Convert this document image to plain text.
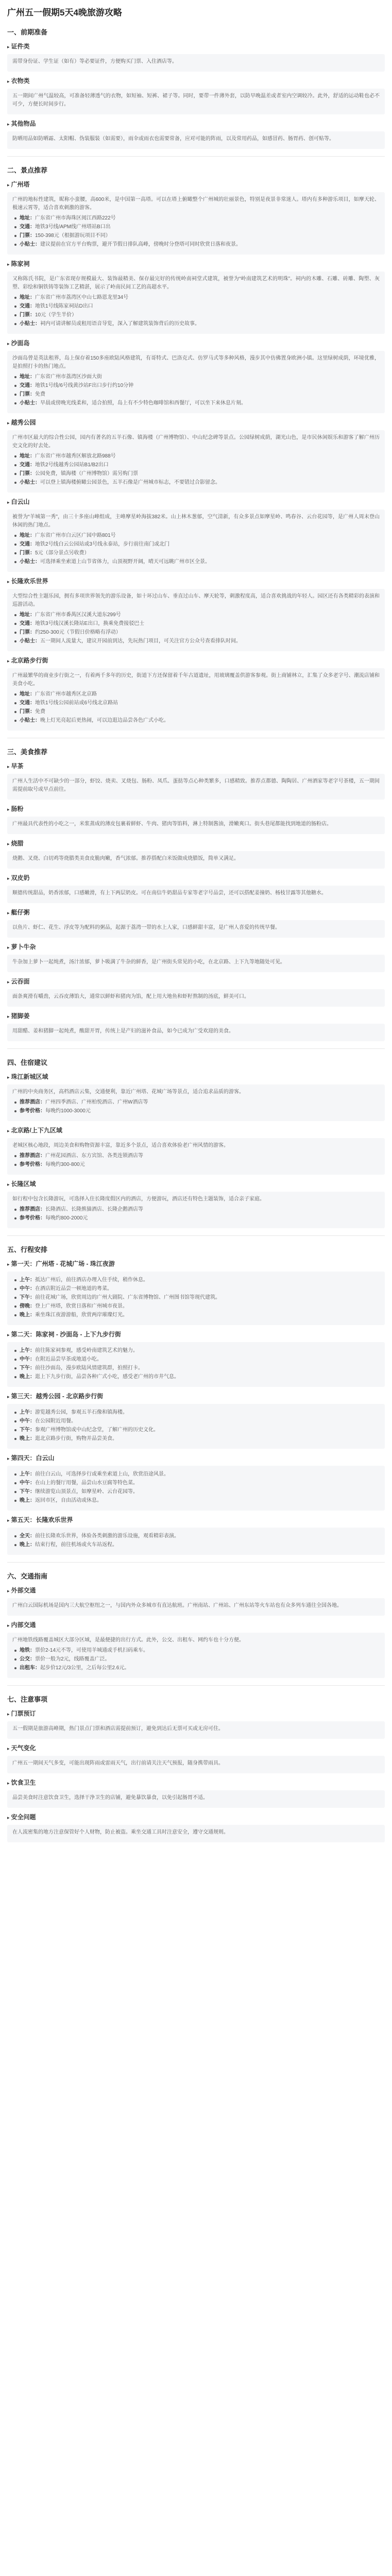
广州五一假期5天4晚旅游攻略
一、前期准备
▸ 证件类
需带身份证、学生证（如有）等必要证件，方便购买门票、入住酒店等。
▸ 衣物类
五一期间广州气温较高，可准备轻薄透气的衣物，如短袖、短裤、裙子等。同时，要带一件薄外套，以防早晚温差或者室内空调较冷。此外，舒适的运动鞋也必不可少，方便长时间步行。
▸ 其他物品
防晒用品如防晒霜、太阳帽、伪装服装（如需要），雨伞或雨衣也需要常备，应对可能的阵雨，以及常用药品，如感冒药、肠胃药、创可贴等。
二、景点推荐
▸ 广州塔
广州的地标性建筑，昵称小蛮腰，高600米，是中国第一高塔。可以在塔上俯瞰整个广州城的壮丽景色，特别是夜景非常迷人。塔内有多种游乐项目，如摩天轮、极速云霄等，适合喜欢刺激的游客。
地址：广东省广州市海珠区阅江西路222号
交通：地铁3号线/APM线广州塔站B口出
门票：150-398元（根据游玩项目不同）
小贴士：建议提前在官方平台购票，避开节假日排队高峰，傍晚时分登塔可同时欣赏日落和夜景。
▸ 陈家祠
又称陈氏书院，是广东省现存规模最大、装饰最精美、保存最完好的传统岭南祠堂式建筑，被誉为“岭南建筑艺术的明珠”。祠内的木雕、石雕、砖雕、陶塑、灰塑、彩绘和铜铁铸等装饰工艺精湛，展示了岭南民间工艺的高超水平。
地址：广东省广州市荔湾区中山七路恩龙里34号
交通：地铁1号线陈家祠站D出口
门票：10元（学生半价）
小贴士：祠内可请讲解员或租用语音导览，深入了解建筑装饰背后的历史故事。
▸ 沙面岛
沙面岛曾是英法租界，岛上保存着150多座欧陆风格建筑，有哥特式、巴洛克式、仿罗马式等多种风格，漫步其中仿佛置身欧洲小镇。这里绿树成荫，环境优雅，是拍照打卡的热门地点。
地址：广东省广州市荔湾区沙面大街
交通：地铁1号线/6号线黄沙站F出口步行约10分钟
门票：免费
小贴士：早晨或傍晚光线柔和，适合拍照，岛上有不少特色咖啡馆和西餐厅，可以坐下来休息片刻。
▸ 越秀公园
广州市区最大的综合性公园，园内有著名的五羊石像、镇海楼（广州博物馆）、中山纪念碑等景点。公园绿树成荫，湖光山色，是市民休闲娱乐和游客了解广州历史文化的好去处。
地址：广东省广州市越秀区解放北路988号
交通：地铁2号线越秀公园站B1/B2出口
门票：公园免费，镇海楼（广州博物馆）需另购门票
小贴士：可以登上镇海楼俯瞰公园景色，五羊石像是广州城市标志，不要错过合影留念。
▸ 白云山
被誉为“羊城第一秀”，由三十多座山峰组成，主峰摩星岭海拔382米。山上林木葱郁，空气清新，有众多景点如摩星岭、鸣春谷、云台花园等，是广州人周末登山休闲的热门地点。
地址：广东省广州市白云区广园中路801号
交通：地铁2号线白云公园站或3号线永泰站，步行前往南门或北门
门票：5元（部分景点另收费）
小贴士：可选择乘坐索道上山节省体力，山顶视野开阔，晴天可远眺广州市区全景。
▸ 长隆欢乐世界
大型综合性主题乐园，拥有多项世界领先的游乐设备，如十环过山车、垂直过山车、摩天轮等，刺激程度高，适合喜欢挑战的年轻人。园区还有各类精彩的表演和巡游活动。
地址：广东省广州市番禺区汉溪大道东299号
交通：地铁3号线汉溪长隆站E出口，换乘免费接驳巴士
门票：约250-300元（节假日价格略有浮动）
小贴士：五一期间人流量大，建议开园前到达，先玩热门项目，可关注官方公众号查看排队时间。
▸ 北京路步行街
广州最繁华的商业步行街之一，有着两千多年的历史，街道下方还保留着千年古道遗址，用玻璃覆盖供游客参观。街上商铺林立，汇集了众多老字号、潮流店铺和美食小吃。
地址：广东省广州市越秀区北京路
交通：地铁1号线公园前站或6号线北京路站
门票：免费
小贴士：晚上灯光亮起后更热闹，可以边逛边品尝各色广式小吃。
三、美食推荐
▸ 早茶
广州人生活中不可缺少的一部分，虾饺、烧卖、叉烧包、肠粉、凤爪、蛋挞等点心种类繁多，口感精致。推荐点都德、陶陶居、广州酒家等老字号茶楼，五一期间需提前取号或早点前往。
▸ 肠粉
广州最具代表性的小吃之一，米浆蒸成的薄皮包裹着鲜虾、牛肉、猪肉等馅料，淋上特制酱油，滑嫩爽口。街头巷尾都能找到地道的肠粉店。
▸ 烧腊
烧鹅、叉烧、白切鸡等烧腊类美食皮脆肉嫩，香气浓郁。推荐搭配白米饭做成烧腊饭，简单又满足。
▸ 双皮奶
顺德传统甜品，奶香浓郁，口感嫩滑，有上下两层奶皮。可在南信牛奶甜品专家等老字号品尝，还可以搭配姜撞奶、杨枝甘露等其他糖水。
▸ 艇仔粥
以鱼片、虾仁、花生、浮皮等为配料的粥品，起源于荔湾一带的水上人家，口感鲜甜丰富，是广州人喜爱的传统早餐。
▸ 萝卜牛杂
牛杂加上萝卜一起炖煮，汤汁浓郁，萝卜吸满了牛杂的鲜香，是广州街头常见的小吃，在北京路、上下九等地随处可见。
▸ 云吞面
面条爽滑有嚼劲，云吞皮薄馅大，通常以鲜虾和猪肉为馅，配上用大地鱼和虾籽熬制的汤底，鲜美可口。
▸ 猪脚姜
用甜醋、姜和猪脚一起炖煮，酸甜开胃，传统上是产妇的滋补食品，如今已成为广受欢迎的美食。
四、住宿建议
▸ 珠江新城区域
广州的中央商务区，高档酒店云集，交通便利，靠近广州塔、花城广场等景点，适合追求品质的游客。
推荐酒店：广州四季酒店、广州柏悦酒店、广州W酒店等
参考价格：每晚约1000-3000元
▸ 北京路/上下九区域
老城区核心地段，周边美食和购物资源丰富，靠近多个景点，适合喜欢体验老广州风情的游客。
推荐酒店：广州花园酒店、东方宾馆、各类连锁酒店等
参考价格：每晚约300-800元
▸ 长隆区域
如行程中包含长隆游玩，可选择入住长隆度假区内的酒店，方便游玩，酒店还有特色主题装饰，适合亲子家庭。
推荐酒店：长隆酒店、长隆熊猫酒店、长隆企鹅酒店等
参考价格：每晚约800-2000元
五、行程安排
▸ 第一天：广州塔 - 花城广场 - 珠江夜游
上午：抵达广州后，前往酒店办理入住手续，稍作休息。
中午：在酒店附近品尝一顿地道的粤菜。
下午：前往花城广场，欣赏周边的广州大剧院、广东省博物馆、广州图书馆等现代建筑。
傍晚：登上广州塔，欣赏日落和广州城市夜景。
晚上：乘坐珠江夜游游船，欣赏两岸璀璨灯光。
▸ 第二天：陈家祠 - 沙面岛 - 上下九步行街
上午：前往陈家祠参观，感受岭南建筑艺术的魅力。
中午：在附近品尝早茶或地道小吃。
下午：前往沙面岛，漫步欧陆风情建筑群，拍照打卡。
晚上：逛上下九步行街，品尝各种广式小吃，感受老广州的市井气息。
▸ 第三天：越秀公园 - 北京路步行街
上午：游览越秀公园，参观五羊石像和镇海楼。
中午：在公园附近用餐。
下午：参观广州博物馆或中山纪念堂，了解广州的历史文化。
晚上：逛北京路步行街，购物并品尝美食。
▸ 第四天：白云山
上午：前往白云山，可选择步行或乘坐索道上山，欣赏沿途风景。
中午：在山上的餐厅用餐，品尝山水豆腐等特色菜。
下午：继续游览山顶景点，如摩星岭、云台花园等。
晚上：返回市区，自由活动或休息。
▸ 第五天：长隆欢乐世界
全天：前往长隆欢乐世界，体验各类刺激的游乐设施，观看精彩表演。
晚上：结束行程，前往机场或火车站返程。
六、交通指南
▸ 外部交通
广州白云国际机场是国内三大航空枢纽之一，与国内外众多城市有直达航班。广州南站、广州站、广州东站等火车站也有众多列车通往全国各地。
▸ 内部交通
广州地铁线路覆盖城区大部分区域，是最便捷的出行方式。此外，公交、出租车、网约车也十分方便。
地铁：票价2-14元不等，可使用羊城通或手机扫码乘车。
公交：票价一般为2元，线路覆盖广泛。
出租车：起步价12元/3公里，之后每公里2.6元。
七、注意事项
▸ 门票预订
五一假期是旅游高峰期，热门景点门票和酒店需提前预订，避免到达后无票可买或无房可住。
▸ 天气变化
广州五一期间天气多变，可能出现阵雨或雷雨天气，出行前请关注天气预报，随身携带雨具。
▸ 饮食卫生
品尝美食时注意饮食卫生，选择干净卫生的店铺，避免暴饮暴食，以免引起肠胃不适。
▸ 安全问题
在人流密集的地方注意保管好个人财物，防止被盗。乘坐交通工具时注意安全，遵守交通规则。
